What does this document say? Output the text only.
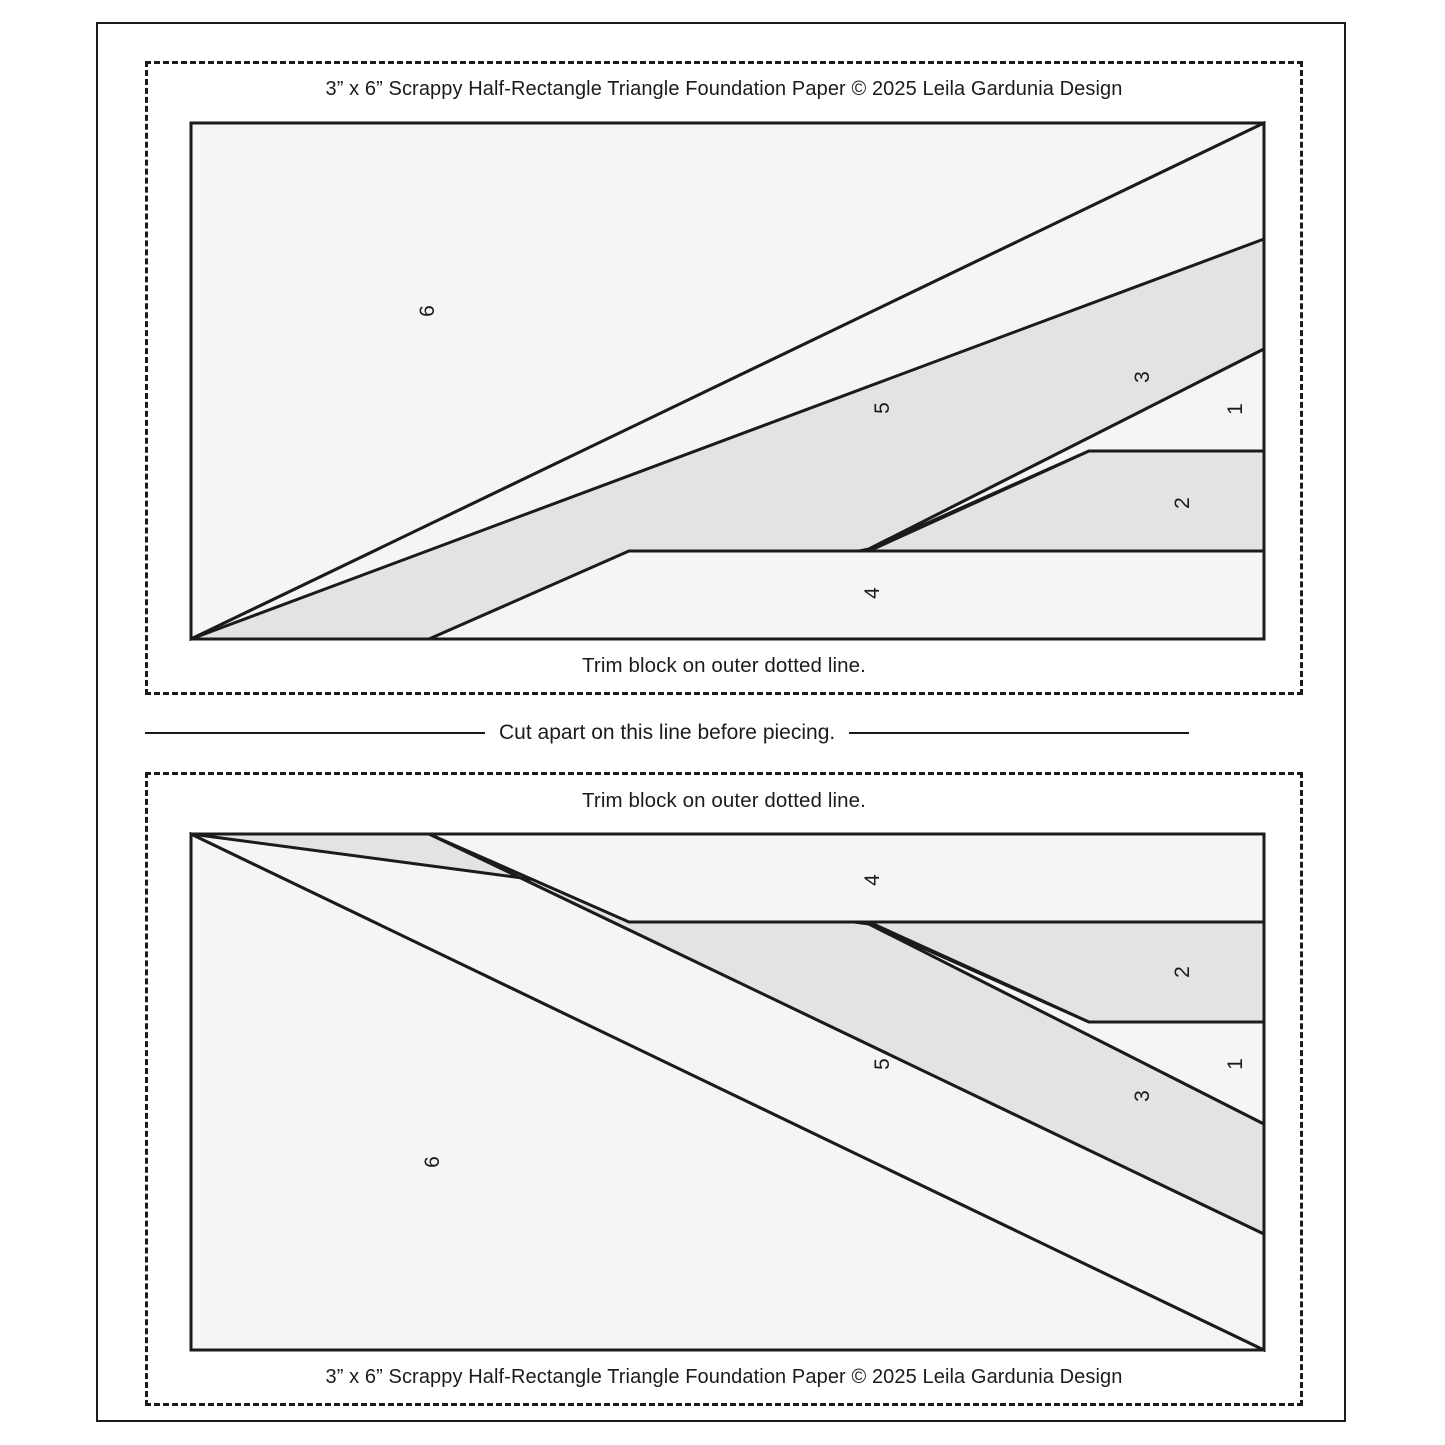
3” x 6” Scrappy Half-Rectangle Triangle Foundation Paper © 2025 Leila Gardunia Design
6
5
3
1
2
4
Trim block on outer dotted line.
Cut apart on this line before piecing.
Trim block on outer dotted line.
4
2
1
3
5
6
3” x 6” Scrappy Half-Rectangle Triangle Foundation Paper © 2025 Leila Gardunia Design
